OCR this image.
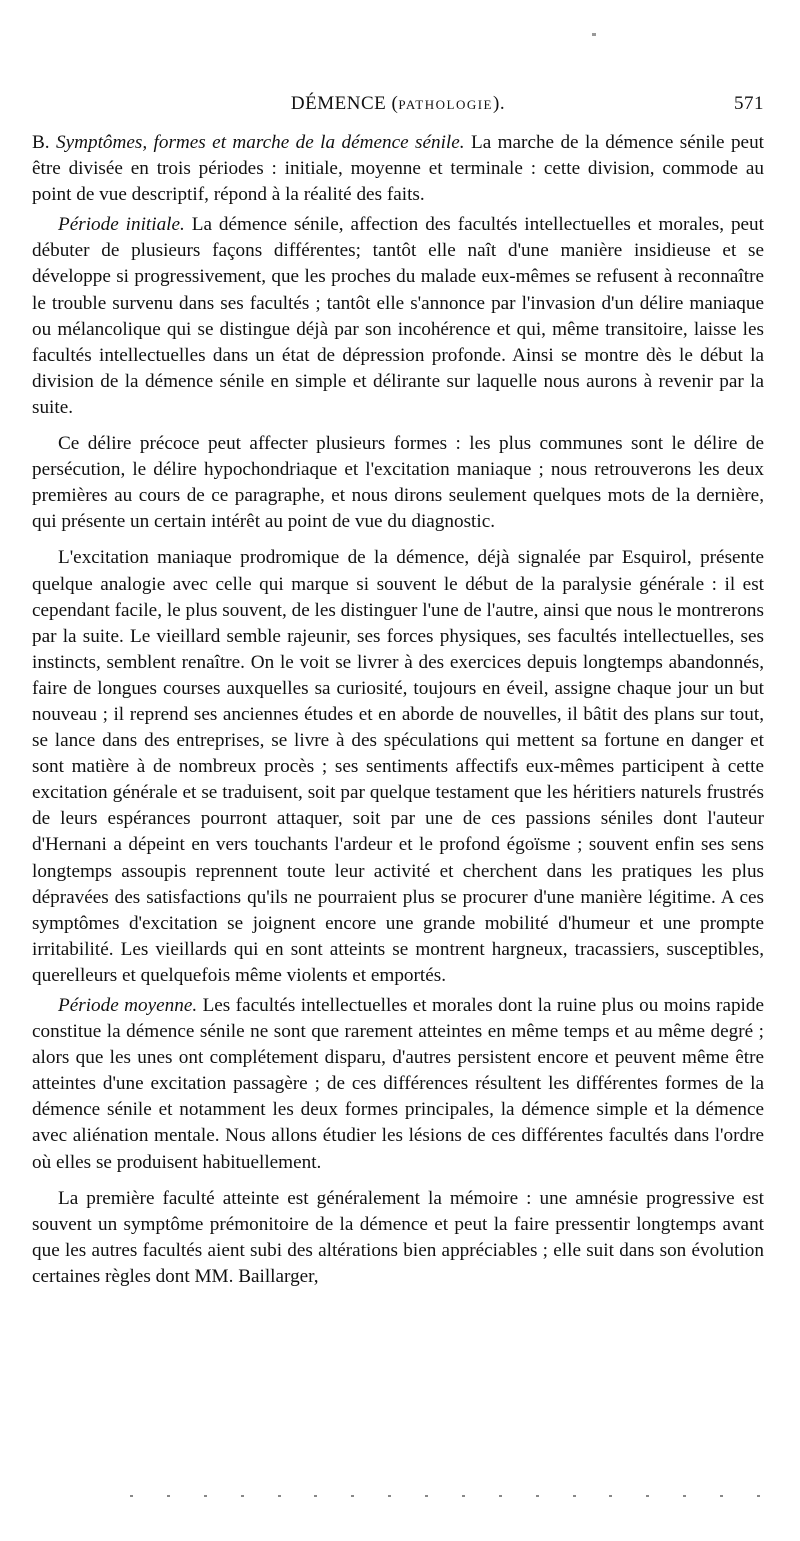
DÉMENCE (PATHOLOGIE).	571

B. Symptômes, formes et marche de la démence sénile. La marche de la démence sénile peut être divisée en trois périodes : initiale, moyenne et terminale : cette division, commode au point de vue descriptif, répond à la réalité des faits.

Période initiale. La démence sénile, affection des facultés intellectuelles et morales, peut débuter de plusieurs façons différentes; tantôt elle naît d'une manière insidieuse et se développe si progressivement, que les proches du malade eux-mêmes se refusent à reconnaître le trouble survenu dans ses facultés ; tantôt elle s'annonce par l'invasion d'un délire maniaque ou mélancolique qui se distingue déjà par son incohérence et qui, même transitoire, laisse les facultés intellectuelles dans un état de dépression profonde. Ainsi se montre dès le début la division de la démence sénile en simple et délirante sur laquelle nous aurons à revenir par la suite.

Ce délire précoce peut affecter plusieurs formes : les plus communes sont le délire de persécution, le délire hypochondriaque et l'excitation maniaque ; nous retrouverons les deux premières au cours de ce paragraphe, et nous dirons seulement quelques mots de la dernière, qui présente un certain intérêt au point de vue du diagnostic.

L'excitation maniaque prodromique de la démence, déjà signalée par Esquirol, présente quelque analogie avec celle qui marque si souvent le début de la paralysie générale : il est cependant facile, le plus souvent, de les distinguer l'une de l'autre, ainsi que nous le montrerons par la suite. Le vieillard semble rajeunir, ses forces physiques, ses facultés intellectuelles, ses instincts, semblent renaître. On le voit se livrer à des exercices depuis longtemps abandonnés, faire de longues courses auxquelles sa curiosité, toujours en éveil, assigne chaque jour un but nouveau ; il reprend ses anciennes études et en aborde de nouvelles, il bâtit des plans sur tout, se lance dans des entreprises, se livre à des spéculations qui mettent sa fortune en danger et sont matière à de nombreux procès ; ses sentiments affectifs eux-mêmes participent à cette excitation générale et se traduisent, soit par quelque testament que les héritiers naturels frustrés de leurs espérances pourront attaquer, soit par une de ces passions séniles dont l'auteur d'Hernani a dépeint en vers touchants l'ardeur et le profond égoïsme ; souvent enfin ses sens longtemps assoupis reprennent toute leur activité et cherchent dans les pratiques les plus dépravées des satisfactions qu'ils ne pourraient plus se procurer d'une manière légitime. A ces symptômes d'excitation se joignent encore une grande mobilité d'humeur et une prompte irritabilité. Les vieillards qui en sont atteints se montrent hargneux, tracassiers, susceptibles, querelleurs et quelquefois même violents et emportés.

Période moyenne. Les facultés intellectuelles et morales dont la ruine plus ou moins rapide constitue la démence sénile ne sont que rarement atteintes en même temps et au même degré ; alors que les unes ont complétement disparu, d'autres persistent encore et peuvent même être atteintes d'une excitation passagère ; de ces différences résultent les différentes formes de la démence sénile et notamment les deux formes principales, la démence simple et la démence avec aliénation mentale. Nous allons étudier les lésions de ces différentes facultés dans l'ordre où elles se produisent habituellement.

La première faculté atteinte est généralement la mémoire : une amnésie progressive est souvent un symptôme prémonitoire de la démence et peut la faire pressentir longtemps avant que les autres facultés aient subi des altérations bien appréciables ; elle suit dans son évolution certaines règles dont MM. Baillarger,
